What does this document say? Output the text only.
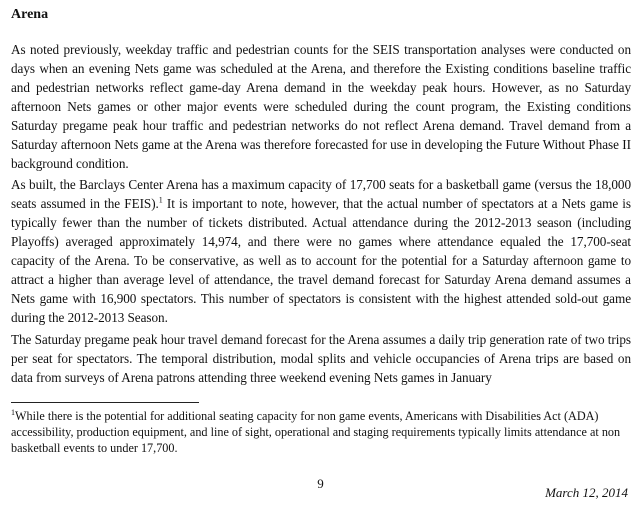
Arena

As noted previously, weekday traffic and pedestrian counts for the SEIS transportation analyses were conducted on days when an evening Nets game was scheduled at the Arena, and therefore the Existing conditions baseline traffic and pedestrian networks reflect game-day Arena demand in the weekday peak hours. However, as no Saturday afternoon Nets games or other major events were scheduled during the count program, the Existing conditions Saturday pregame peak hour traffic and pedestrian networks do not reflect Arena demand. Travel demand from a Saturday afternoon Nets game at the Arena was therefore forecasted for use in developing the Future Without Phase II background condition.

As built, the Barclays Center Arena has a maximum capacity of 17,700 seats for a basketball game (versus the 18,000 seats assumed in the FEIS).$^1$ It is important to note, however, that the actual number of spectators at a Nets game is typically fewer than the number of tickets distributed. Actual attendance during the 2012-2013 season (including Playoffs) averaged approximately 14,974, and there were no games where attendance equaled the 17,700-seat capacity of the Arena. To be conservative, as well as to account for the potential for a Saturday afternoon game to attract a higher than average level of attendance, the travel demand forecast for Saturday Arena demand assumes a Nets game with 16,900 spectators. This number of spectators is consistent with the highest attended sold-out game during the 2012-2013 Season.

The Saturday pregame peak hour travel demand forecast for the Arena assumes a daily trip generation rate of two trips per seat for spectators. The temporal distribution, modal splits and vehicle occupancies of Arena trips are based on data from surveys of Arena patrons attending three weekend evening Nets games in January

$^1$While there is the potential for additional seating capacity for non game events, Americans with Disabilities Act (ADA) accessibility, production equipment, and line of sight, operational and staging requirements typically limits attendance at non basketball events to under 17,700.

9
March 12, 2014
